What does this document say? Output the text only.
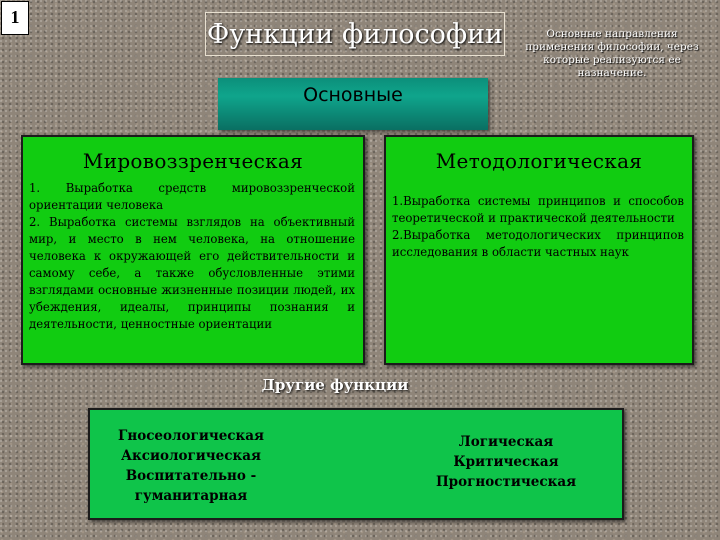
1
Функции философии	Основные направления применения философии, через которые реализуются ее назначение.
Основные
Мировоззренческая
1. Выработка средств мировоззренческой ориентации человека
2. Выработка системы взглядов на объективный мир, и место в нем человека, на отношение человека к окружающей его действительности и самому себе, а также обусловленные этими взглядами основные жизненные позиции людей, их убеждения, идеалы, принципы познания и деятельности, ценностные ориентации
Методологическая
1.Выработка системы принципов и способов теоретической и практической деятельности
2.Выработка методологических принципов исследования в области частных наук
Другие функции
Гносеологическая
Аксиологическая
Воспитательно -
гуманитарная
Логическая
Критическая
Прогностическая
